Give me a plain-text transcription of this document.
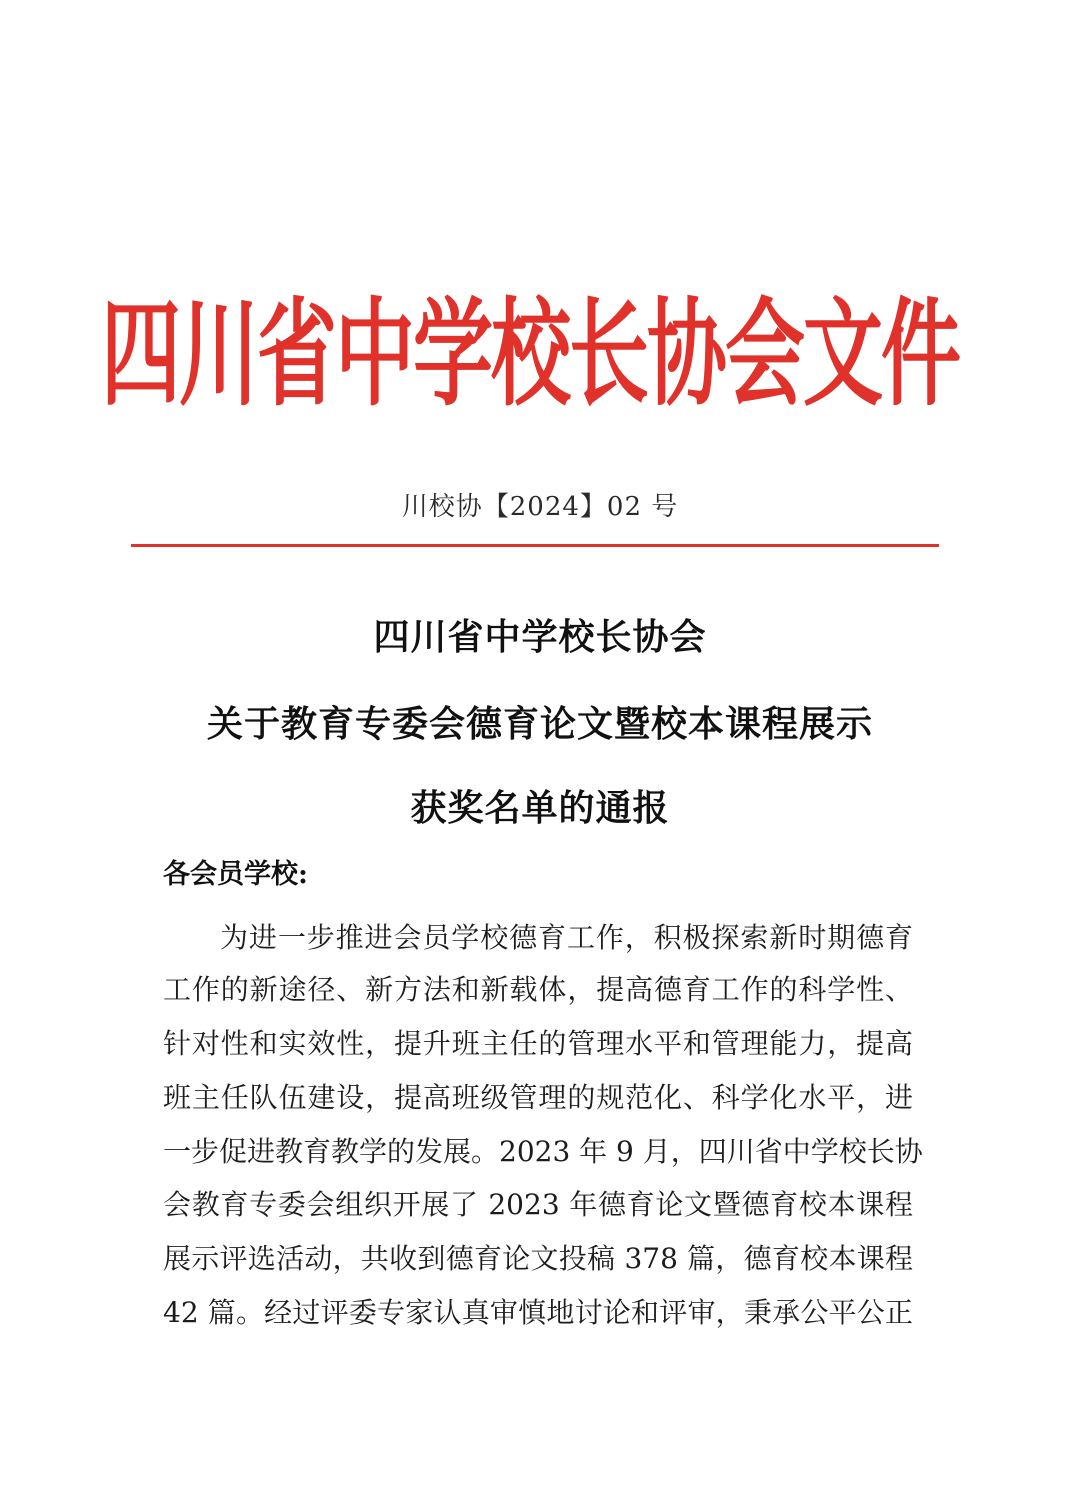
四川省中学校长协会文件
川校协【2024】02 号
四川省中学校长协会
关于教育专委会德育论文暨校本课程展示
获奖名单的通报
各会员学校:
为进一步推进会员学校德育工作，积极探索新时期德育
工作的新途径、新方法和新载体，提高德育工作的科学性、
针对性和实效性，提升班主任的管理水平和管理能力，提高
班主任队伍建设，提高班级管理的规范化、科学化水平，进
一步促进教育教学的发展。2023 年 9 月，四川省中学校长协
会教育专委会组织开展了 2023 年德育论文暨德育校本课程
展示评选活动，共收到德育论文投稿 378 篇，德育校本课程
42 篇。经过评委专家认真审慎地讨论和评审，秉承公平公正
